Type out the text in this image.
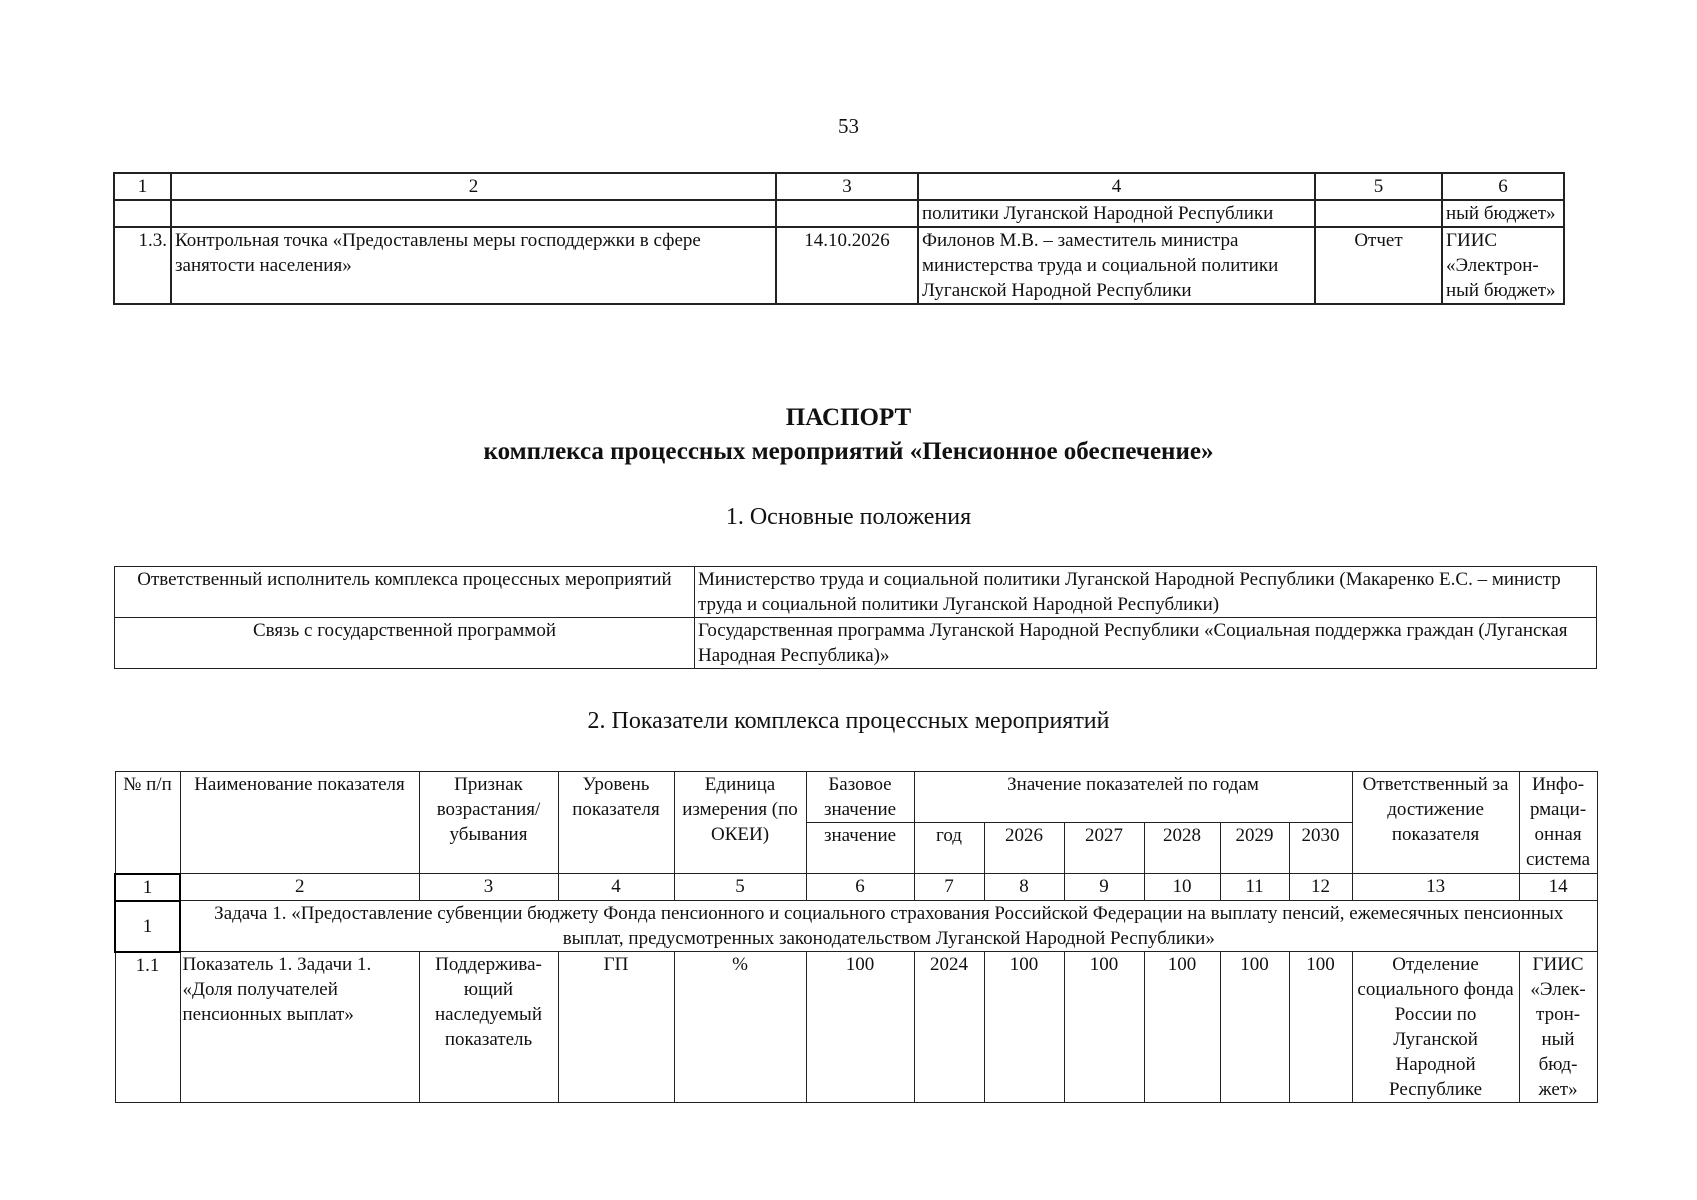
53
1	2	3	4	5	6
			политики Луганской Народной Республики		ный бюджет»
1.3.	Контрольная точка «Предоставлены меры господдержки в сфере занятости населения»	14.10.2026	Филонов М.В. – заместитель министра министерства труда и социальной политики Луганской Народной Республики	Отчет	ГИИС «Электрон-ный бюджет»
ПАСПОРТ
комплекса процессных мероприятий «Пенсионное обеспечение»
1. Основные положения
Ответственный исполнитель комплекса процессных мероприятий	Министерство труда и социальной политики Луганской Народной Республики (Макаренко Е.С. – министр труда и социальной политики Луганской Народной Республики)
Связь с государственной программой	Государственная программа Луганской Народной Республики «Социальная поддержка граждан (Луганская Народная Республика)»
2. Показатели комплекса процессных мероприятий
№ п/п	Наименование показателя	Признак возрастания/ убывания	Уровень показателя	Единица измерения (по ОКЕИ)	Базовое значение	Значение показателей по годам						Ответственный за достижение показателя	Инфо-рмаци-онная система
					значение	год	2026	2027	2028	2029	2030		
1	2	3	4	5	6	7	8	9	10	11	12	13	14
1	Задача 1. «Предоставление субвенции бюджету Фонда пенсионного и социального страхования Российской Федерации на выплату пенсий, ежемесячных пенсионных выплат, предусмотренных законодательством Луганской Народной Республики»												
1.1	Показатель 1. Задачи 1. «Доля получателей пенсионных выплат»	Поддержива-ющий наследуемый показатель	ГП	%	100	2024	100	100	100	100	100	Отделение социального фонда России по Луганской Народной Республике	ГИИС «Элек-трон-ный бюд-жет»
